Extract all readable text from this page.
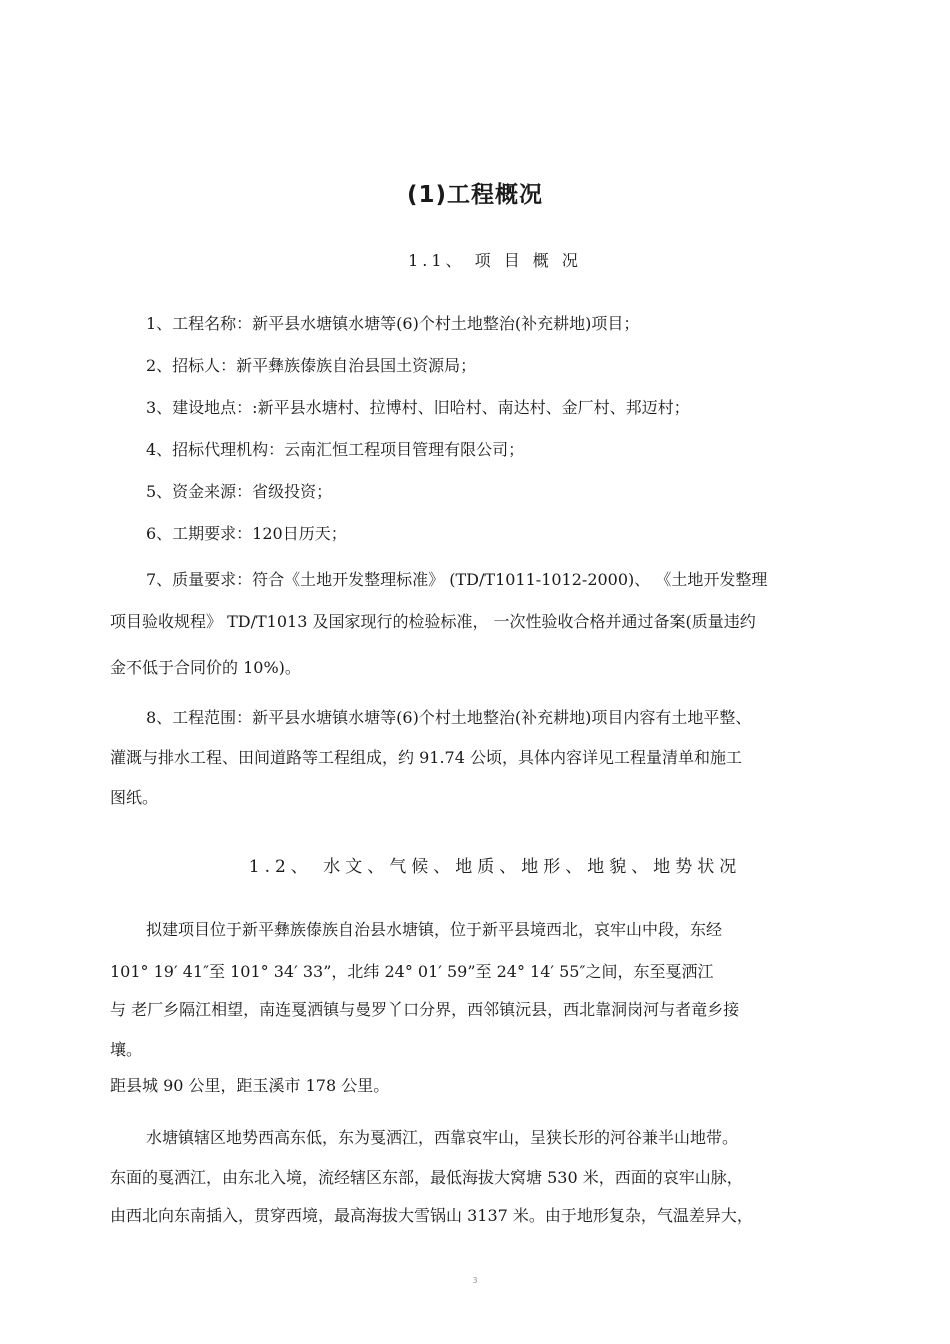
(1)工程概况
1.1、 项 目 概 况
1、工程名称：新平县水塘镇水塘等(6)个村土地整治(补充耕地)项目；
2、招标人：新平彝族傣族自治县国土资源局；
3、建设地点：:新平县水塘村、拉博村、旧哈村、南达村、金厂村、邦迈村；
4、招标代理机构：云南汇恒工程项目管理有限公司；
5、资金来源：省级投资；
6、工期要求：120日历天；
7、质量要求：符合《土地开发整理标准》 (TD/T1011-1012-2000)、 《土地开发整理
项目验收规程》 TD/T1013 及国家现行的检验标准， 一次性验收合格并通过备案(质量违约
金不低于合同价的 10%)。
8、工程范围：新平县水塘镇水塘等(6)个村土地整治(补充耕地)项目内容有土地平整、
灌溉与排水工程、田间道路等工程组成，约 91.74 公顷，具体内容详见工程量清单和施工
图纸。
1.2、 水文、气候、地质、地形、地貌、地势状况
拟建项目位于新平彝族傣族自治县水塘镇，位于新平县境西北，哀牢山中段，东经
101° 19′ 41″至 101° 34′ 33”，北纬 24° 01′ 59”至 24° 14′ 55″之间，东至戛洒江
与 老厂乡隔江相望，南连戛洒镇与曼罗丫口分界，西邻镇沅县，西北靠洞岗河与者竜乡接
壤。
距县城 90 公里，距玉溪市 178 公里。
水塘镇辖区地势西高东低，东为戛洒江，西靠哀牢山，呈狭长形的河谷兼半山地带。
东面的戛洒江，由东北入境，流经辖区东部，最低海拔大窝塘 530 米，西面的哀牢山脉，
由西北向东南插入，贯穿西境，最高海拔大雪锅山 3137 米。由于地形复杂，气温差异大，
3
